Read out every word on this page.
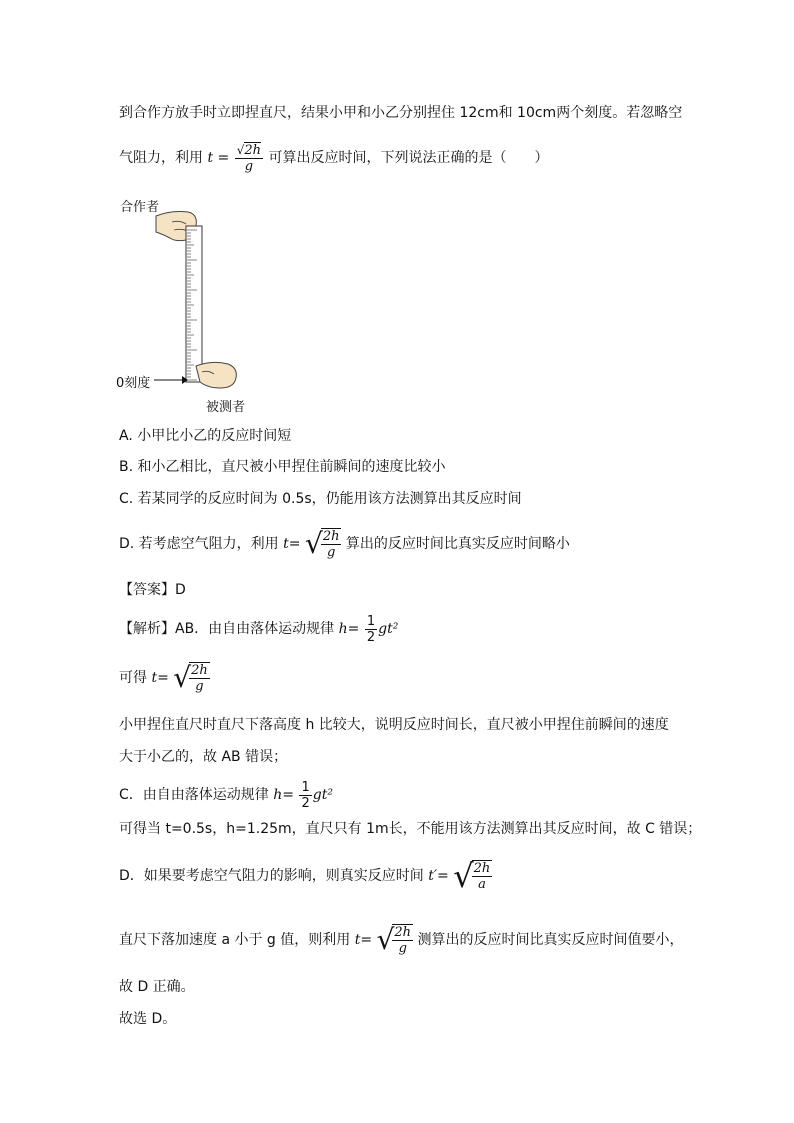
到合作方放手时立即捏直尺，结果小甲和小乙分别捏住 12cm和 10cm两个刻度。若忽略空
气阻力，利用 $t = \frac{√2h}{g}$ 可算出反应时间，下列说法正确的是（　　）
合作者
0刻度
被测者
A. 小甲比小乙的反应时间短
B. 和小乙相比，直尺被小甲捏住前瞬间的速度比较小
C. 若某同学的反应时间为 0.5s，仍能用该方法测算出其反应时间
D. 若考虑空气阻力，利用 t= √
$\frac{2h}{g}$ 算出的反应时间比真实反应时间略小
【答案】D
【解析】AB．由自由落体运动规律 $h= \frac{1}{2} gt^2$
可得 t= √
$\frac{2h}{g}$
小甲捏住直尺时直尺下落高度 h 比较大，说明反应时间长，直尺被小甲捏住前瞬间的速度
大于小乙的，故 AB 错误；
C．由自由落体运动规律 $h= \frac{1}{2} gt^2$
可得当 t=0.5s，h=1.25m，直尺只有 1m长，不能用该方法测算出其反应时间，故 C 错误；
D．如果要考虑空气阻力的影响，则真实反应时间 t′= √
$\frac{2h}{a}$
直尺下落加速度 a 小于 g 值，则利用 t= √
$\frac{2h}{g}$ 测算出的反应时间比真实反应时间值要小，
故 D 正确。
故选 D。
